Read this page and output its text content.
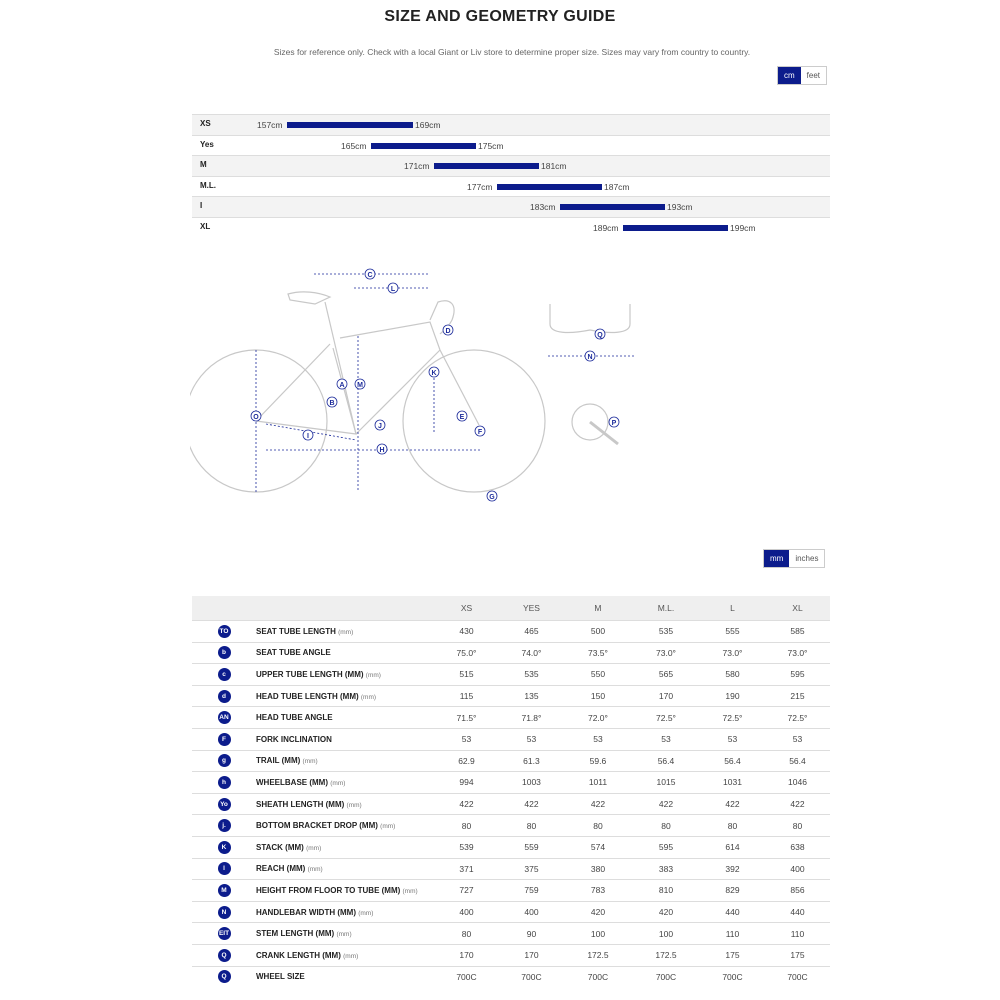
SIZE AND GEOMETRY GUIDE
Sizes for reference only. Check with a local Giant or Liv store to determine proper size. Sizes may vary from country to country.
cm	feet
XS	157cm	169cm
Yes	165cm	175cm
M	171cm	181cm
M.L.	177cm	187cm
I	183cm	193cm
XL	189cm	199cm
C
L
D
A M
B
K
O
I
J
H
E
F
G
Q
N
P
mm	inches
		XS	YES	M	M.L.	L	XL
TO	SEAT TUBE LENGTH (mm)	430	465	500	535	555	585
b	SEAT TUBE ANGLE	75.0°	74.0°	73.5°	73.0°	73.0°	73.0°
c	UPPER TUBE LENGTH (MM) (mm)	515	535	550	565	580	595
d	HEAD TUBE LENGTH (MM) (mm)	115	135	150	170	190	215
AN	HEAD TUBE ANGLE	71.5°	71.8°	72.0°	72.5°	72.5°	72.5°
F	FORK INCLINATION	53	53	53	53	53	53
g	TRAIL (MM) (mm)	62.9	61.3	59.6	56.4	56.4	56.4
h	WHEELBASE (MM) (mm)	994	1003	1011	1015	1031	1046
Yo	SHEATH LENGTH (MM) (mm)	422	422	422	422	422	422
j.	BOTTOM BRACKET DROP (MM) (mm)	80	80	80	80	80	80
K	STACK (MM) (mm)	539	559	574	595	614	638
l	REACH (MM) (mm)	371	375	380	383	392	400
M	HEIGHT FROM FLOOR TO TUBE (MM) (mm)	727	759	783	810	829	856
N	HANDLEBAR WIDTH (MM) (mm)	400	400	420	420	440	440
EIT	STEM LENGTH (MM) (mm)	80	90	100	100	110	110
Q	CRANK LENGTH (MM) (mm)	170	170	172.5	172.5	175	175
Q	WHEEL SIZE	700C	700C	700C	700C	700C	700C
